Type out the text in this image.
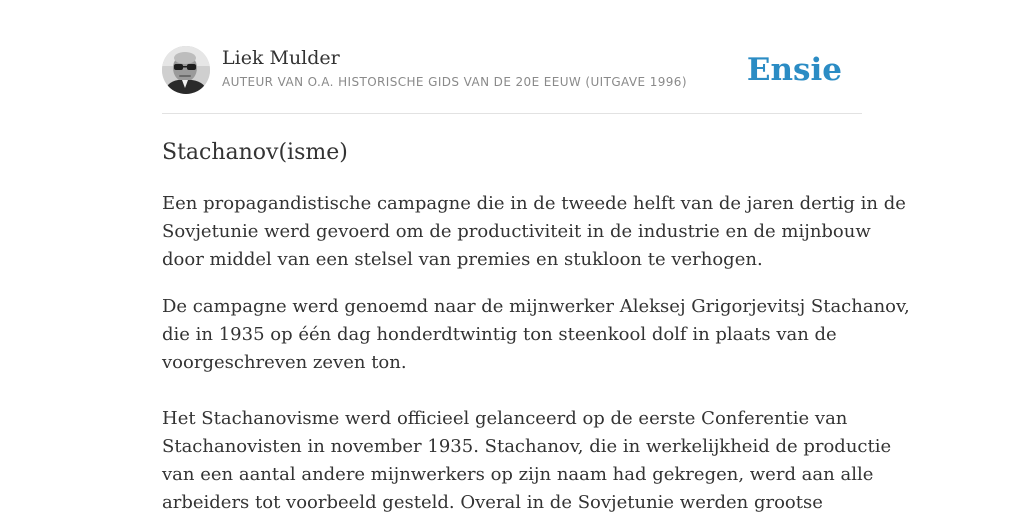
Liek Mulder
AUTEUR VAN O.A. HISTORISCHE GIDS VAN DE 20E EEUW (UITGAVE 1996) Ensie
Stachanov(isme)

Een propagandistische campagne die in de tweede helft van de jaren dertig in de

Sovjetunie werd gevoerd om de productiviteit in de industrie en de mijnbouw

door middel van een stelsel van premies en stukloon te verhogen.

De campagne werd genoemd naar de mijnwerker Aleksej Grigorjevitsj Stachanov,

die in 1935 op één dag honderdtwintig ton steenkool dolf in plaats van de

voorgeschreven zeven ton.

Het Stachanovisme werd officieel gelanceerd op de eerste Conferentie van

Stachanovisten in november 1935. Stachanov, die in werkelijkheid de productie

van een aantal andere mijnwerkers op zijn naam had gekregen, werd aan alle

arbeiders tot voorbeeld gesteld. Overal in de Sovjetunie werden grootse
